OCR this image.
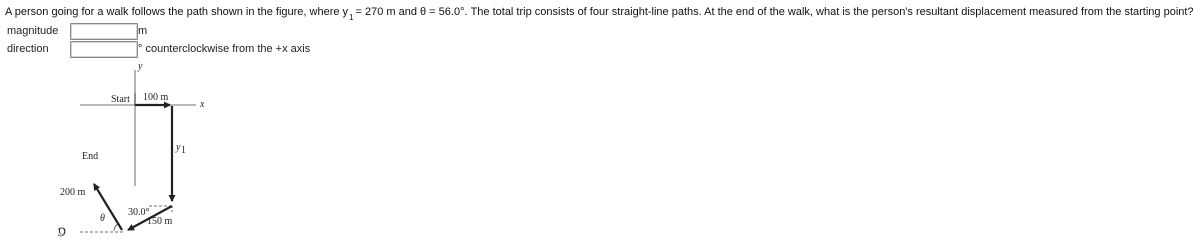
A person going for a walk follows the path shown in the figure, where $y_1 = 270$ m and θ = 56.0°. The total trip consists of four straight-line paths. At the end of the walk, what is the person's resultant displacement measured from the starting point?
magnitude	m
direction	° counterclockwise from the +x axis
y
x
Start 100 m
y 1
30.0°
150 m
θ
200 m
End
O
